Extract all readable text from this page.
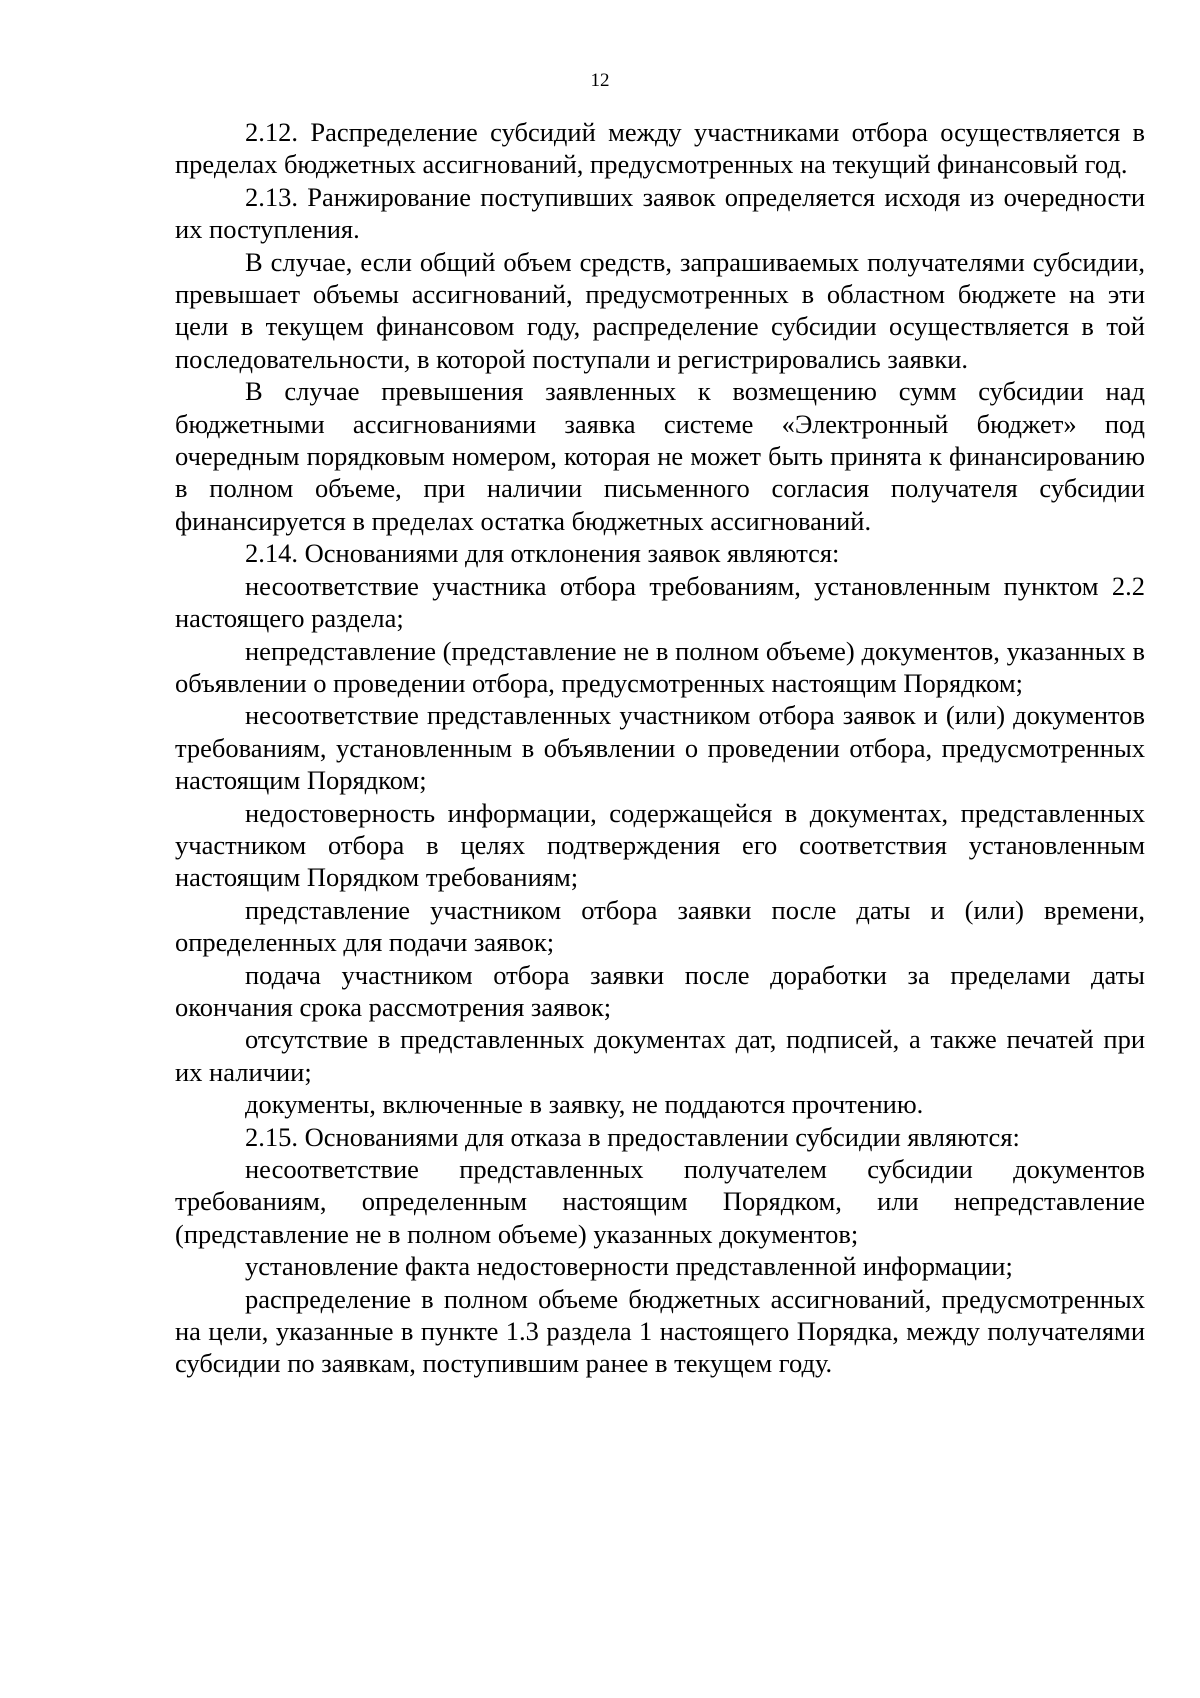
12

2.12. Распределение субсидий между участниками отбора осуществляется в пределах бюджетных ассигнований, предусмотренных на текущий финансовый год.

2.13. Ранжирование поступивших заявок определяется исходя из очередности их поступления.

В случае, если общий объем средств, запрашиваемых получателями субсидии, превышает объемы ассигнований, предусмотренных в областном бюджете на эти цели в текущем финансовом году, распределение субсидии осуществляется в той последовательности, в которой поступали и регистрировались заявки.

В случае превышения заявленных к возмещению сумм субсидии над бюджетными ассигнованиями заявка системе «Электронный бюджет» под очередным порядковым номером, которая не может быть принята к финансированию в полном объеме, при наличии письменного согласия получателя субсидии финансируется в пределах остатка бюджетных ассигнований.

2.14. Основаниями для отклонения заявок являются:

несоответствие участника отбора требованиям, установленным пунктом 2.2 настоящего раздела;

непредставление (представление не в полном объеме) документов, указанных в объявлении о проведении отбора, предусмотренных настоящим Порядком;

несоответствие представленных участником отбора заявок и (или) документов требованиям, установленным в объявлении о проведении отбора, предусмотренных настоящим Порядком;

недостоверность информации, содержащейся в документах, представленных участником отбора в целях подтверждения его соответствия установленным настоящим Порядком требованиям;

представление участником отбора заявки после даты и (или) времени, определенных для подачи заявок;

подача участником отбора заявки после доработки за пределами даты окончания срока рассмотрения заявок;

отсутствие в представленных документах дат, подписей, а также печатей при их наличии;

документы, включенные в заявку, не поддаются прочтению.

2.15. Основаниями для отказа в предоставлении субсидии являются:

несоответствие представленных получателем субсидии документов требованиям, определенным настоящим Порядком, или непредставление (представление не в полном объеме) указанных документов;

установление факта недостоверности представленной информации;

распределение в полном объеме бюджетных ассигнований, предусмотренных на цели, указанные в пункте 1.3 раздела 1 настоящего Порядка, между получателями субсидии по заявкам, поступившим ранее в текущем году.
